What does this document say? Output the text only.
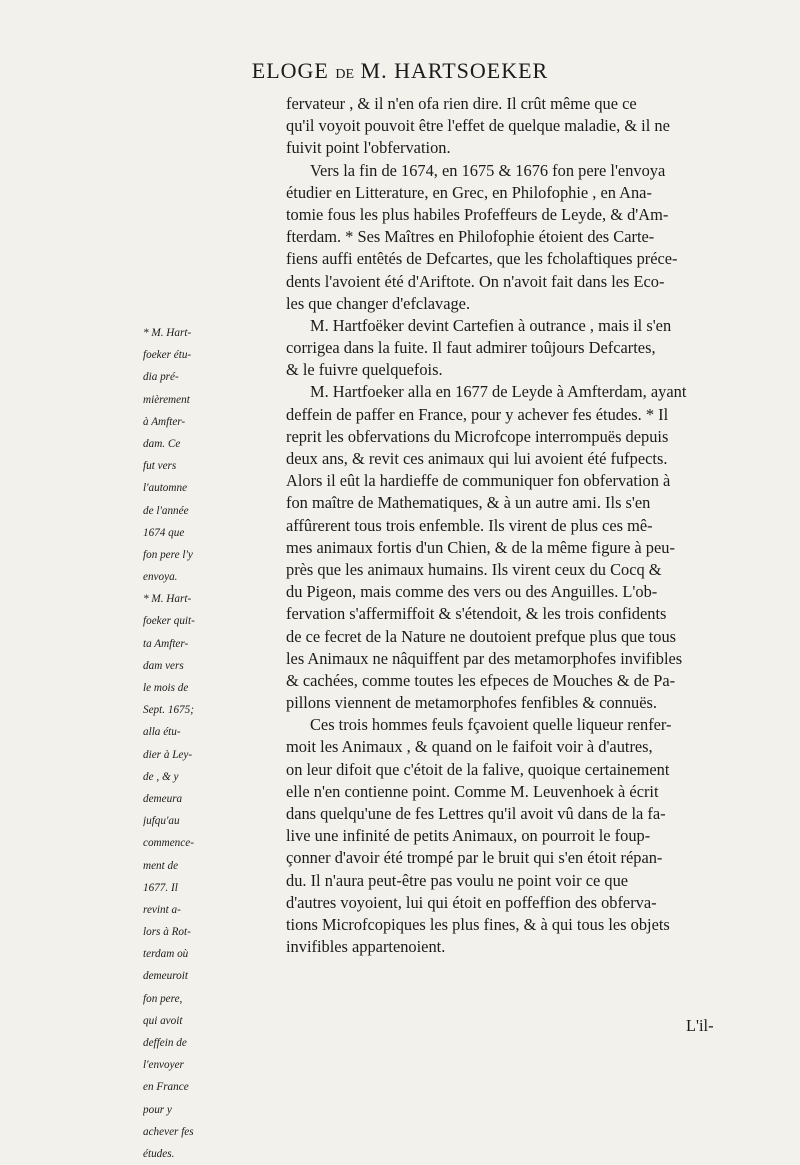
ELOGE DE M. HARTSOEKER
fervateur , & il n'en ofa rien dire. Il crût même que ce
qu'il voyoit pouvoit être l'effet de quelque maladie, & il ne
fuivit point l'obfervation.
Vers la fin de 1674, en 1675 & 1676 fon pere l'envoya
étudier en Litterature, en Grec, en Philofophie , en Ana-
tomie fous les plus habiles Profeffeurs de Leyde, & d'Am-
fterdam. * Ses Maîtres en Philofophie étoient des Carte-
fiens auffi entêtés de Defcartes, que les fcholaftiques préce-
dents l'avoient été d'Ariftote. On n'avoit fait dans les Eco-
les que changer d'efclavage.
M. Hartfoëker devint Cartefien à outrance , mais il s'en
corrigea dans la fuite. Il faut admirer toûjours Defcartes,
& le fuivre quelquefois.
M. Hartfoeker alla en 1677 de Leyde à Amfterdam, ayant
deffein de paffer en France, pour y achever fes études. * Il
reprit les obfervations du Microfcope interrompuës depuis
deux ans, & revit ces animaux qui lui avoient été fufpects.
Alors il eût la hardieffe de communiquer fon obfervation à
fon maître de Mathematiques, & à un autre ami. Ils s'en
affûrerent tous trois enfemble. Ils virent de plus ces mê-
mes animaux fortis d'un Chien, & de la même figure à peu-
près que les animaux humains. Ils virent ceux du Cocq &
du Pigeon, mais comme des vers ou des Anguilles. L'ob-
fervation s'affermiffoit & s'étendoit, & les trois confidents
de ce fecret de la Nature ne doutoient prefque plus que tous
les Animaux ne nâquiffent par des metamorphofes invifibles
& cachées, comme toutes les efpeces de Mouches & de Pa-
pillons viennent de metamorphofes fenfibles & connuës.
Ces trois hommes feuls fçavoient quelle liqueur renfer-
moit les Animaux , & quand on le faifoit voir à d'autres,
on leur difoit que c'étoit de la falive, quoique certainement
elle n'en contienne point. Comme M. Leuvenhoek à écrit
dans quelqu'une de fes Lettres qu'il avoit vû dans de la fa-
live une infinité de petits Animaux, on pourroit le foup-
çonner d'avoir été trompé par le bruit qui s'en étoit répan-
du. Il n'aura peut-être pas voulu ne point voir ce que
d'autres voyoient, lui qui étoit en poffeffion des obferva-
tions Microfcopiques les plus fines, & à qui tous les objets
invifibles appartenoient.
* M. Hart-
foeker étu-
dia pré-
mièrement
à Amfter-
dam. Ce
fut vers
l'automne
de l'année
1674 que
fon pere l'y
envoya.
* M. Hart-
foeker quit-
ta Amfter-
dam vers
le mois de
Sept. 1675;
alla étu-
dier à Ley-
de , & y
demeura
jufqu'au
commence-
ment de
1677. Il
revint a-
lors à Rot-
terdam où
demeuroit
fon pere,
qui avoit
deffein de
l'envoyer
en France
pour y
achever fes
études.
L'il-
